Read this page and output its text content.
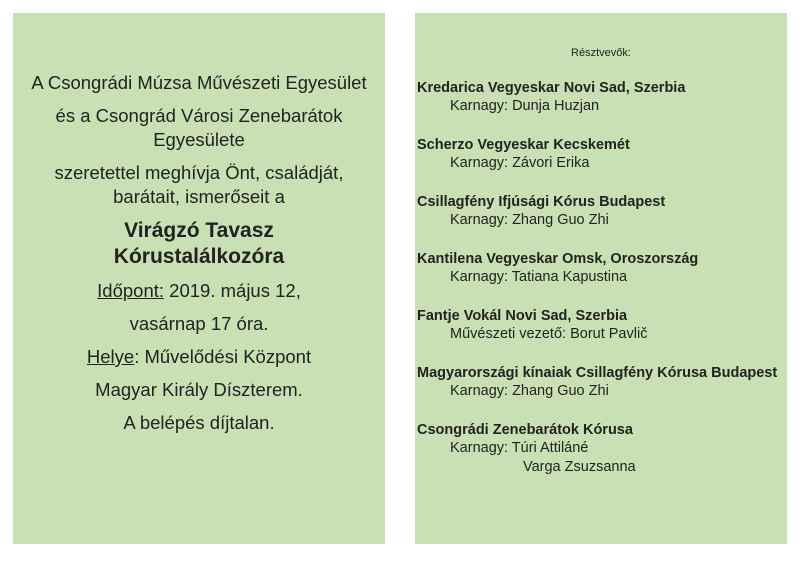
A Csongrádi Múzsa Művészeti Egyesület
és a Csongrád Városi Zenebarátok Egyesülete
szeretettel meghívja Önt, családját, barátait, ismerőseit a
Virágzó Tavasz
Kórustalálkozóra
Időpont: 2019. május 12,
vasárnap 17 óra.
Helye: Művelődési Központ
Magyar Király Díszterem.
A belépés díjtalan.
Résztvevők:
Kredarica Vegyeskar Novi Sad, Szerbia
Karnagy: Dunja Huzjan
Scherzo Vegyeskar Kecskemét
Karnagy: Závori Erika
Csillagfény Ifjúsági Kórus Budapest
Karnagy: Zhang Guo Zhi
Kantilena Vegyeskar Omsk, Oroszország
Karnagy: Tatiana Kapustina
Fantje Vokál Novi Sad, Szerbia
Művészeti vezető: Borut Pavlič
Magyarországi kínaiak Csillagfény Kórusa Budapest
Karnagy: Zhang Guo Zhi
Csongrádi Zenebarátok Kórusa
Karnagy: Túri Attiláné
Varga Zsuzsanna
